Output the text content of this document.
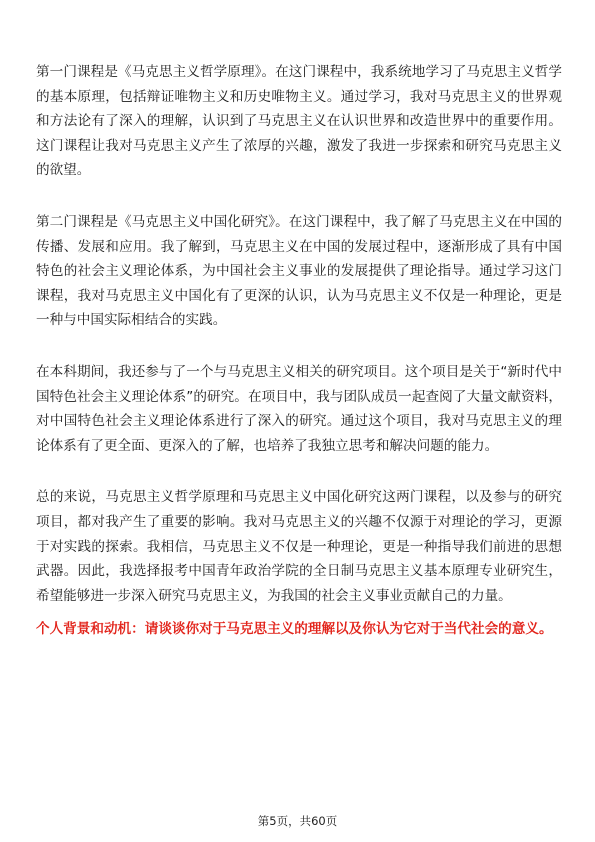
第一门课程是《马克思主义哲学原理》。在这门课程中，我系统地学习了马克思主义哲学的基本原理，包括辩证唯物主义和历史唯物主义。通过学习，我对马克思主义的世界观和方法论有了深入的理解，认识到了马克思主义在认识世界和改造世界中的重要作用。这门课程让我对马克思主义产生了浓厚的兴趣，激发了我进一步探索和研究马克思主义的欲望。

第二门课程是《马克思主义中国化研究》。在这门课程中，我了解了马克思主义在中国的传播、发展和应用。我了解到，马克思主义在中国的发展过程中，逐渐形成了具有中国特色的社会主义理论体系，为中国社会主义事业的发展提供了理论指导。通过学习这门课程，我对马克思主义中国化有了更深的认识，认为马克思主义不仅是一种理论，更是一种与中国实际相结合的实践。

在本科期间，我还参与了一个与马克思主义相关的研究项目。这个项目是关于“新时代中国特色社会主义理论体系”的研究。在项目中，我与团队成员一起查阅了大量文献资料，对中国特色社会主义理论体系进行了深入的研究。通过这个项目，我对马克思主义的理论体系有了更全面、更深入的了解，也培养了我独立思考和解决问题的能力。

总的来说，马克思主义哲学原理和马克思主义中国化研究这两门课程，以及参与的研究项目，都对我产生了重要的影响。我对马克思主义的兴趣不仅源于对理论的学习，更源于对实践的探索。我相信，马克思主义不仅是一种理论，更是一种指导我们前进的思想武器。因此，我选择报考中国青年政治学院的全日制马克思主义基本原理专业研究生，希望能够进一步深入研究马克思主义，为我国的社会主义事业贡献自己的力量。

个人背景和动机：请谈谈你对于马克思主义的理解以及你认为它对于当代社会的意义。

第5页，共60页
